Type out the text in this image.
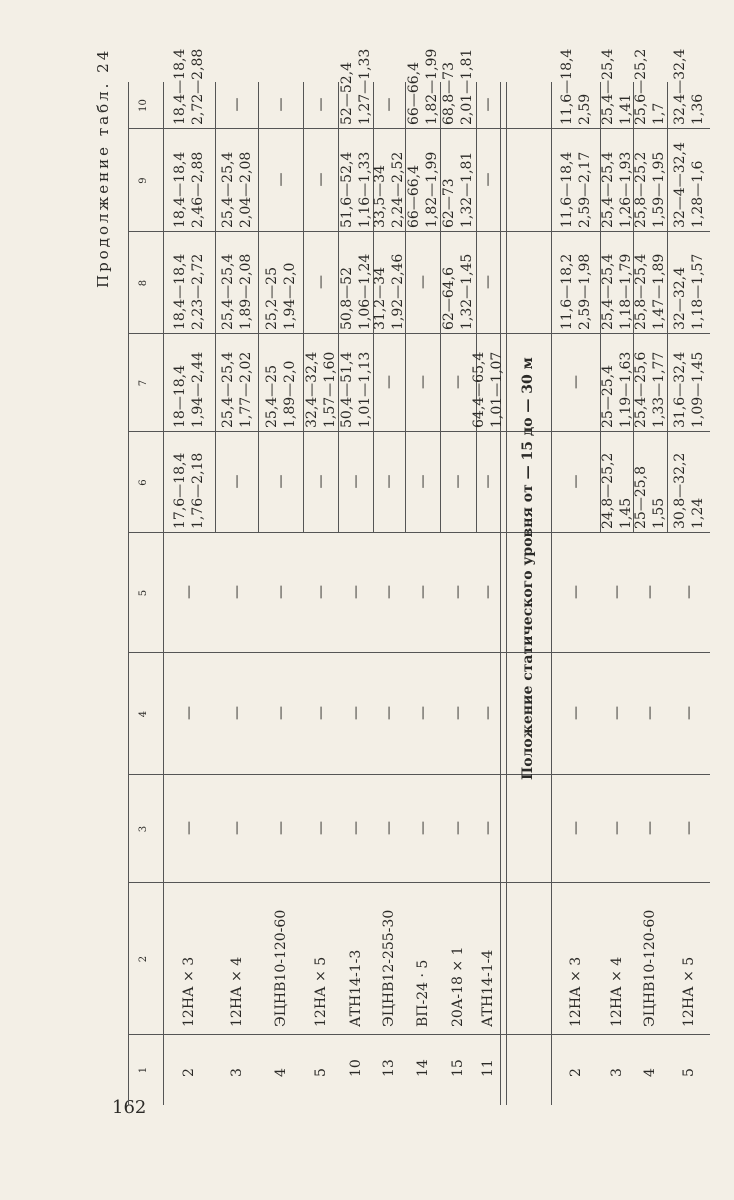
162
Продолжение табл. 24
1
2
3
4
5
6
7
8
9
10
Положение статического уровня от — 15 до — 30 м
2
12НА × 3
—
—
—
17,6—18,4 1,76—2,18
18—18,4 1,94—2,44
18,4—18,4 2,23—2,72
18,4—18,4 2,46—2,88
18,4—18,4 2,72—2,88
3
12НА × 4
—
—
—
—
25,4—25,4 1,77—2,02
25,4—25,4 1,89—2,08
25,4—25,4 2,04—2,08
—
4
ЭЦНВ10-120-60
—
—
—
—
25,4—25 1,89—2,0
25,2—25 1,94—2,0
—
—
5
12НА × 5
—
—
—
—
32,4—32,4 1,57—1,60
—
—
—
10
АТН14-1-3
—
—
—
—
50,4—51,4 1,01—1,13
50,8—52 1,06—1,24
51,6—52,4 1,16—1,33
52—52,4 1,27—1,33
13
ЭЦНВ12-255-30
—
—
—
—
—
31,2—34 1,92—2,46
33,5—34 2,24—2,52
—
14
ВП-24 · 5
—
—
—
—
—
—
66—66,4 1,82—1,99
66—66,4 1,82—1,99
15
20А-18 × 1
—
—
—
—
—
62—64,6 1,32—1,45
62—73 1,32—1,81
68,8—73 2,01—1,81
11
АТН14-1-4
—
—
—
—
64,4—65,4 1,01—1,07
—
—
—
2
12НА × 3
—
—
—
—
—
11,6—18,2 2,59—1,98
11,6—18,4 2,59—2,17
11,6—18,4 2,59
3
12НА × 4
—
—
—
24,8—25,2 1,45
25—25,4 1,19—1,63
25,4—25,4 1,18—1,79
25,4—25,4 1,26—1,93
25,4—25,4 1,41
4
ЭЦНВ10-120-60
—
—
—
25—25,8 1,55
25,4—25,6 1,33—1,77
25,8—25,4 1,47—1,89
25,8—25,2 1,59—1,95
25,6—25,2 1,7
5
12НА × 5
—
—
—
30,8—32,2 1,24
31,6—32,4 1,09—1,45
32—32,4 1,18—1,57
32—4—32,4 1,28—1,6
32,4—32,4 1,36
